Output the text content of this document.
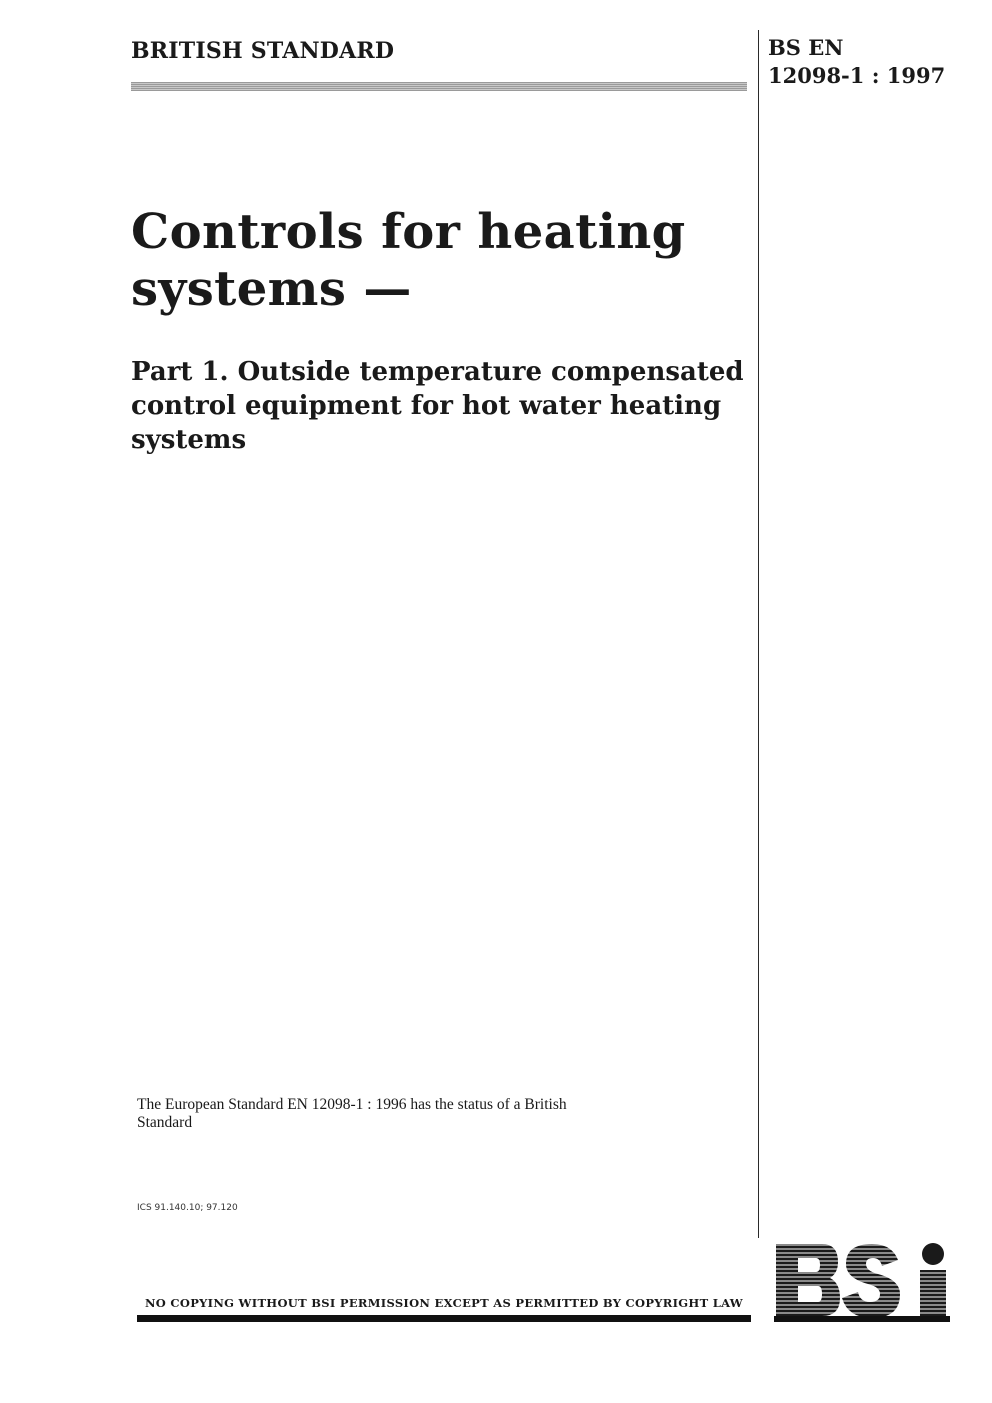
BRITISH STANDARD	BS EN
12098-1 : 1997
Controls for heating
systems —
Part 1. Outside temperature compensated control equipment for hot water heating systems
The European Standard EN 12098-1 : 1996 has the status of a British Standard
ICS 91.140.10; 97.120
NO COPYING WITHOUT BSI PERMISSION EXCEPT AS PERMITTED BY COPYRIGHT LAW
